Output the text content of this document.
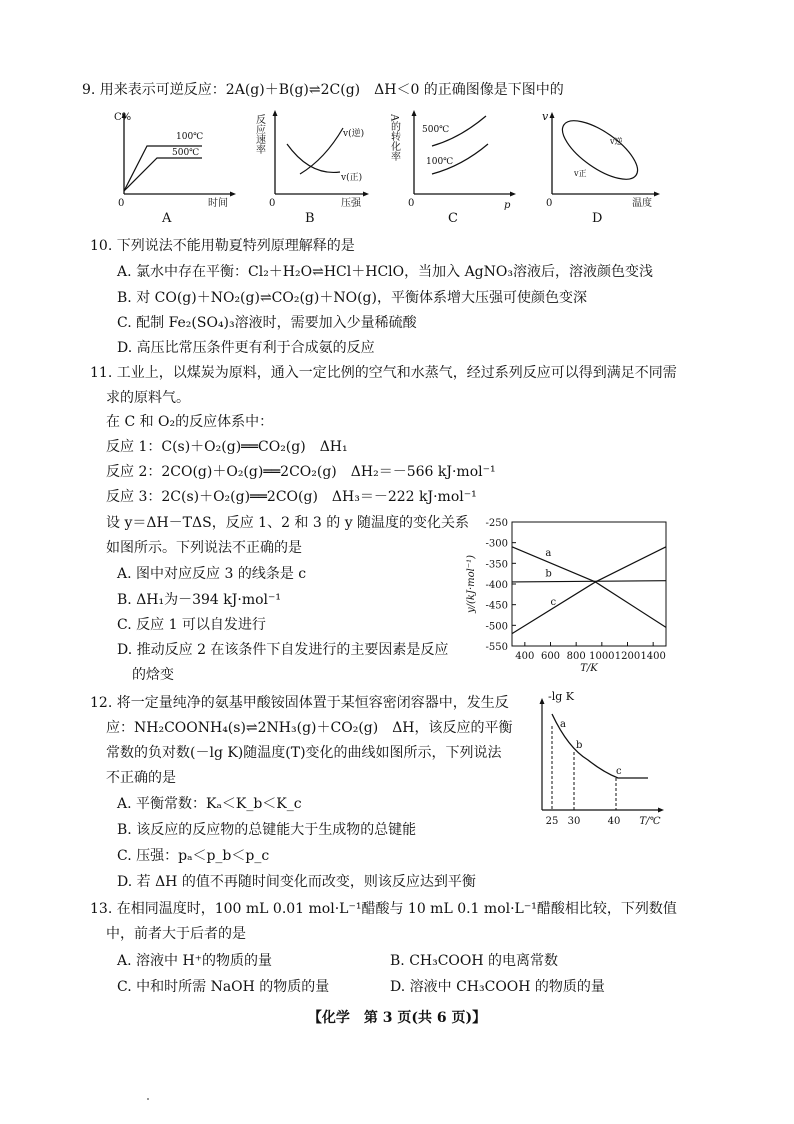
9. 用来表示可逆反应：2A(g)＋B(g)⇌2C(g)　ΔH＜0 的正确图像是下图中的
C%
100℃
500℃
0	时间
A
反应速率	v(逆)
v(正)
0	压强
B
A的转化率	500℃
100℃
0	p
C
v
v逆
v正
0	温度
D
10. 下列说法不能用勒夏特列原理解释的是
A. 氯水中存在平衡：Cl₂＋H₂O⇌HCl＋HClO，当加入 AgNO₃溶液后，溶液颜色变浅
B. 对 CO(g)＋NO₂(g)⇌CO₂(g)＋NO(g)，平衡体系增大压强可使颜色变深
C. 配制 Fe₂(SO₄)₃溶液时，需要加入少量稀硫酸
D. 高压比常压条件更有利于合成氨的反应
11. 工业上，以煤炭为原料，通入一定比例的空气和水蒸气，经过系列反应可以得到满足不同需
求的原料气。
在 C 和 O₂的反应体系中：
反应 1：C(s)＋O₂(g)══CO₂(g)　ΔH₁
反应 2：2CO(g)＋O₂(g)══2CO₂(g)　ΔH₂＝－566 kJ·mol⁻¹
反应 3：2C(s)＋O₂(g)══2CO(g)　ΔH₃＝－222 kJ·mol⁻¹
设 y＝ΔH－TΔS，反应 1、2 和 3 的 y 随温度的变化关系
如图所示。下列说法不正确的是
A. 图中对应反应 3 的线条是 c
B. ΔH₁为－394 kJ·mol⁻¹
C. 反应 1 可以自发进行
D. 推动反应 2 在该条件下自发进行的主要因素是反应
的焓变
-250
-300
-350
-400
-450
-500
-550
400 600 800 1000 1200 1400
a
b
c
y/(kJ·mol⁻¹)
T/K
12. 将一定量纯净的氨基甲酸铵固体置于某恒容密闭容器中，发生反
应：NH₂COONH₄(s)⇌2NH₃(g)＋CO₂(g)　ΔH，该反应的平衡
常数的负对数(－lg K)随温度(T)变化的曲线如图所示，下列说法
不正确的是
A. 平衡常数：Kₐ＜K_b＜K_c
B. 该反应的反应物的总键能大于生成物的总键能
C. 压强：pₐ＜p_b＜p_c
D. 若 ΔH 的值不再随时间变化而改变，则该反应达到平衡
-lg K
a
b
c
25 30	40 T/℃
13. 在相同温度时，100 mL 0.01 mol·L⁻¹醋酸与 10 mL 0.1 mol·L⁻¹醋酸相比较，下列数值
中，前者大于后者的是
A. 溶液中 H⁺的物质的量	B. CH₃COOH 的电离常数
C. 中和时所需 NaOH 的物质的量	D. 溶液中 CH₃COOH 的物质的量
【化学　第 3 页(共 6 页)】
